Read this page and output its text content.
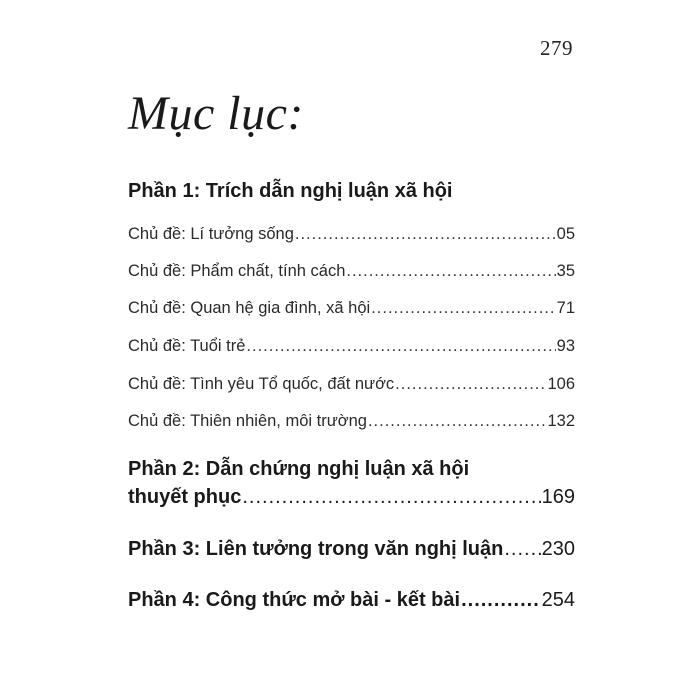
279
Mục lục:
Phần 1: Trích dẫn nghị luận xã hội
Chủ đề: Lí tưởng sống .....	05
Chủ đề: Phẩm chất, tính cách .....	35
Chủ đề: Quan hệ gia đình, xã hội .....	71
Chủ đề: Tuổi trẻ .....	93
Chủ đề: Tình yêu Tổ quốc, đất nước .....	106
Chủ đề: Thiên nhiên, môi trường .....	132
Phần 2: Dẫn chứng nghị luận xã hội
thuyết phục .....	169
Phần 3: Liên tưởng trong văn nghị luận ..... 230
Phần 4: Công thức mở bài - kết bài .....	254
